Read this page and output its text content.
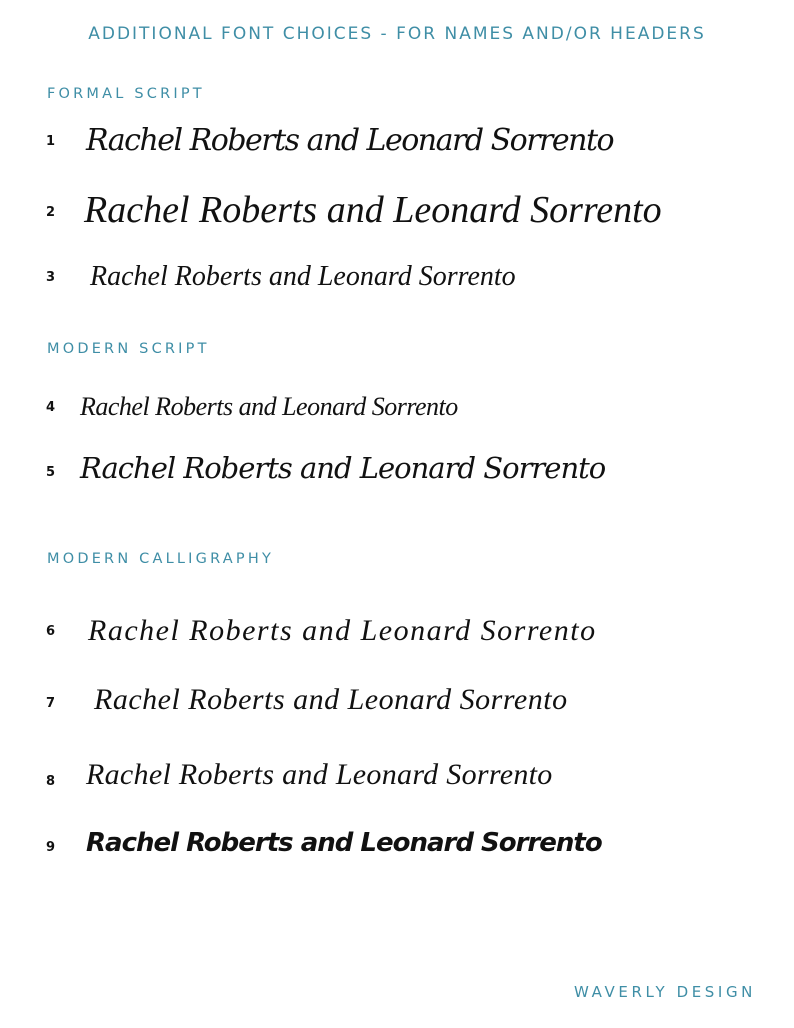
ADDITIONAL FONT CHOICES - FOR NAMES AND/OR HEADERS
FORMAL SCRIPT
1 Rachel Roberts and Leonard Sorrento
2 Rachel Roberts and Leonard Sorrento
3 Rachel Roberts and Leonard Sorrento
MODERN SCRIPT
4 Rachel Roberts and Leonard Sorrento
5 Rachel Roberts and Leonard Sorrento
MODERN CALLIGRAPHY
6 Rachel Roberts and Leonard Sorrento
7 Rachel Roberts and Leonard Sorrento
8 Rachel Roberts and Leonard Sorrento
9 Rachel Roberts and Leonard Sorrento
WAVERLY DESIGN
